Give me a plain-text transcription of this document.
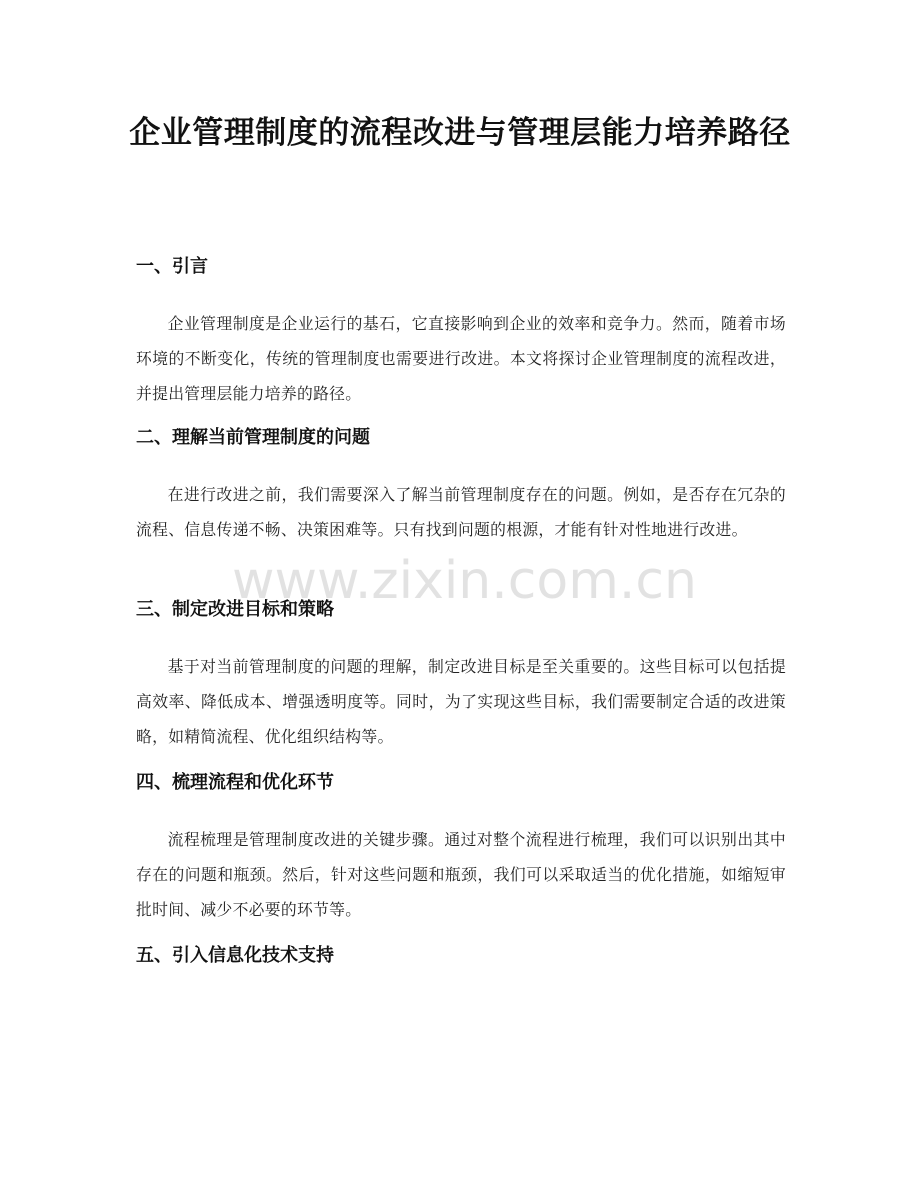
企业管理制度的流程改进与管理层能力培养路径
一、引言

企业管理制度是企业运行的基石，它直接影响到企业的效率和竞争力。然而，随着市场环境的不断变化，传统的管理制度也需要进行改进。本文将探讨企业管理制度的流程改进，并提出管理层能力培养的路径。

二、理解当前管理制度的问题

在进行改进之前，我们需要深入了解当前管理制度存在的问题。例如，是否存在冗杂的流程、信息传递不畅、决策困难等。只有找到问题的根源，才能有针对性地进行改进。

三、制定改进目标和策略

基于对当前管理制度的问题的理解，制定改进目标是至关重要的。这些目标可以包括提高效率、降低成本、增强透明度等。同时，为了实现这些目标，我们需要制定合适的改进策略，如精简流程、优化组织结构等。

四、梳理流程和优化环节

流程梳理是管理制度改进的关键步骤。通过对整个流程进行梳理，我们可以识别出其中存在的问题和瓶颈。然后，针对这些问题和瓶颈，我们可以采取适当的优化措施，如缩短审批时间、减少不必要的环节等。

五、引入信息化技术支持
www.zixin.com.cn
